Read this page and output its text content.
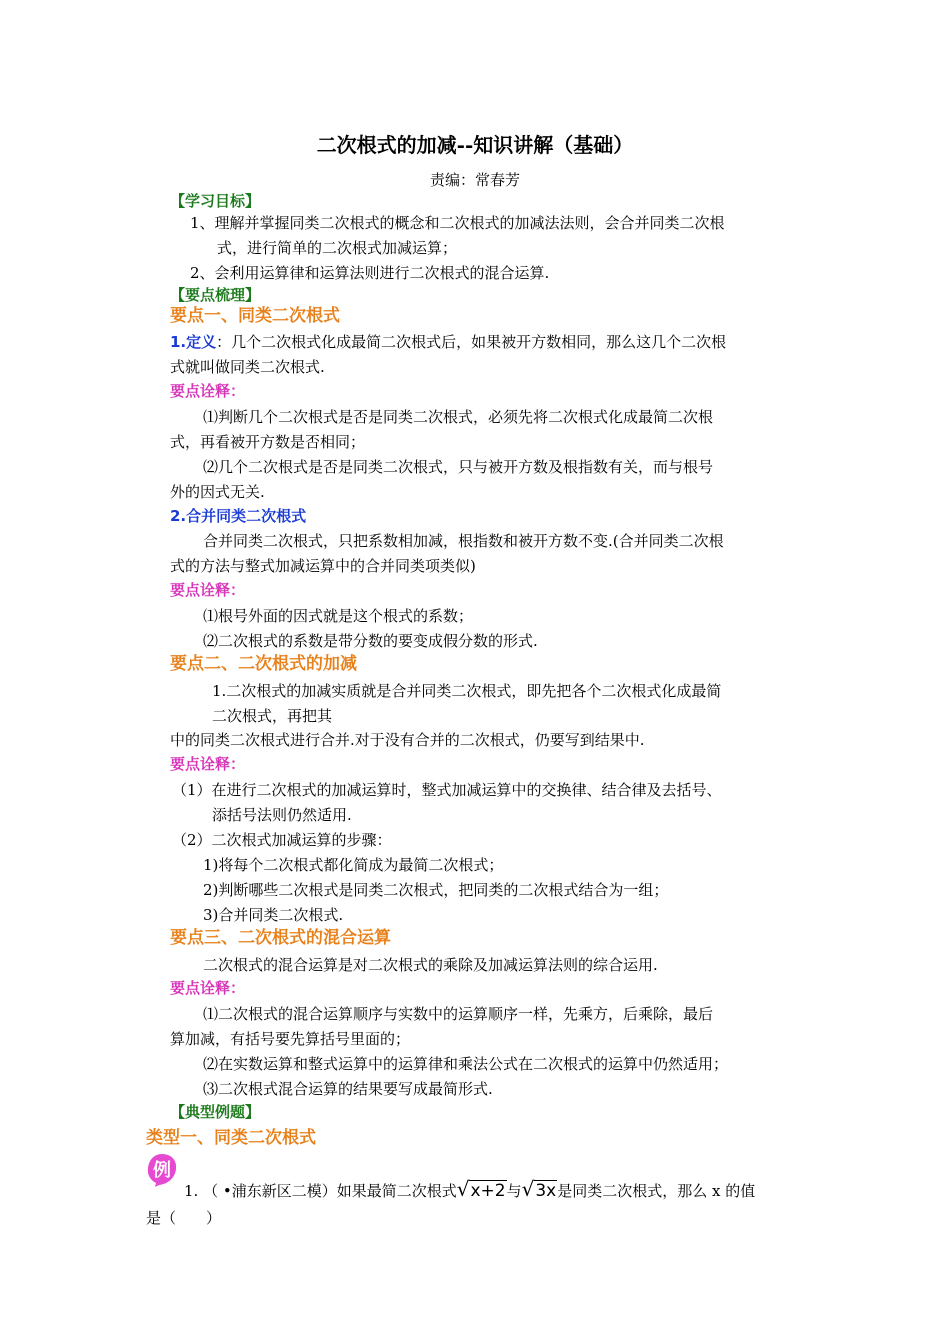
二次根式的加减--知识讲解（基础）
责编：常春芳
【学习目标】
1、理解并掌握同类二次根式的概念和二次根式的加减法法则，会合并同类二次根
式，进行简单的二次根式加减运算；
2、会利用运算律和运算法则进行二次根式的混合运算.
【要点梳理】
要点一、同类二次根式
1.定义：几个二次根式化成最简二次根式后，如果被开方数相同，那么这几个二次根
式就叫做同类二次根式.
要点诠释：
⑴判断几个二次根式是否是同类二次根式，必须先将二次根式化成最简二次根
式，再看被开方数是否相同；
⑵几个二次根式是否是同类二次根式，只与被开方数及根指数有关，而与根号
外的因式无关.
2.合并同类二次根式
合并同类二次根式，只把系数相加减，根指数和被开方数不变.(合并同类二次根
式的方法与整式加减运算中的合并同类项类似)
要点诠释：
⑴根号外面的因式就是这个根式的系数；
⑵二次根式的系数是带分数的要变成假分数的形式.
要点二、二次根式的加减
1.二次根式的加减实质就是合并同类二次根式，即先把各个二次根式化成最简
二次根式，再把其
中的同类二次根式进行合并.对于没有合并的二次根式，仍要写到结果中.
要点诠释：
（1）在进行二次根式的加减运算时，整式加减运算中的交换律、结合律及去括号、
添括号法则仍然适用.
（2）二次根式加减运算的步骤：
1)将每个二次根式都化简成为最简二次根式；
2)判断哪些二次根式是同类二次根式，把同类的二次根式结合为一组；
3)合并同类二次根式.
要点三、二次根式的混合运算
二次根式的混合运算是对二次根式的乘除及加减运算法则的综合运用.
要点诠释：
⑴二次根式的混合运算顺序与实数中的运算顺序一样，先乘方，后乘除，最后
算加减，有括号要先算括号里面的；
⑵在实数运算和整式运算中的运算律和乘法公式在二次根式的运算中仍然适用；
⑶二次根式混合运算的结果要写成最简形式.
【典型例题】
类型一、同类二次根式
例
1. （ •浦东新区二模）如果最简二次根式√x+2与√3x是同类二次根式，那么 x 的值
是（　　）
